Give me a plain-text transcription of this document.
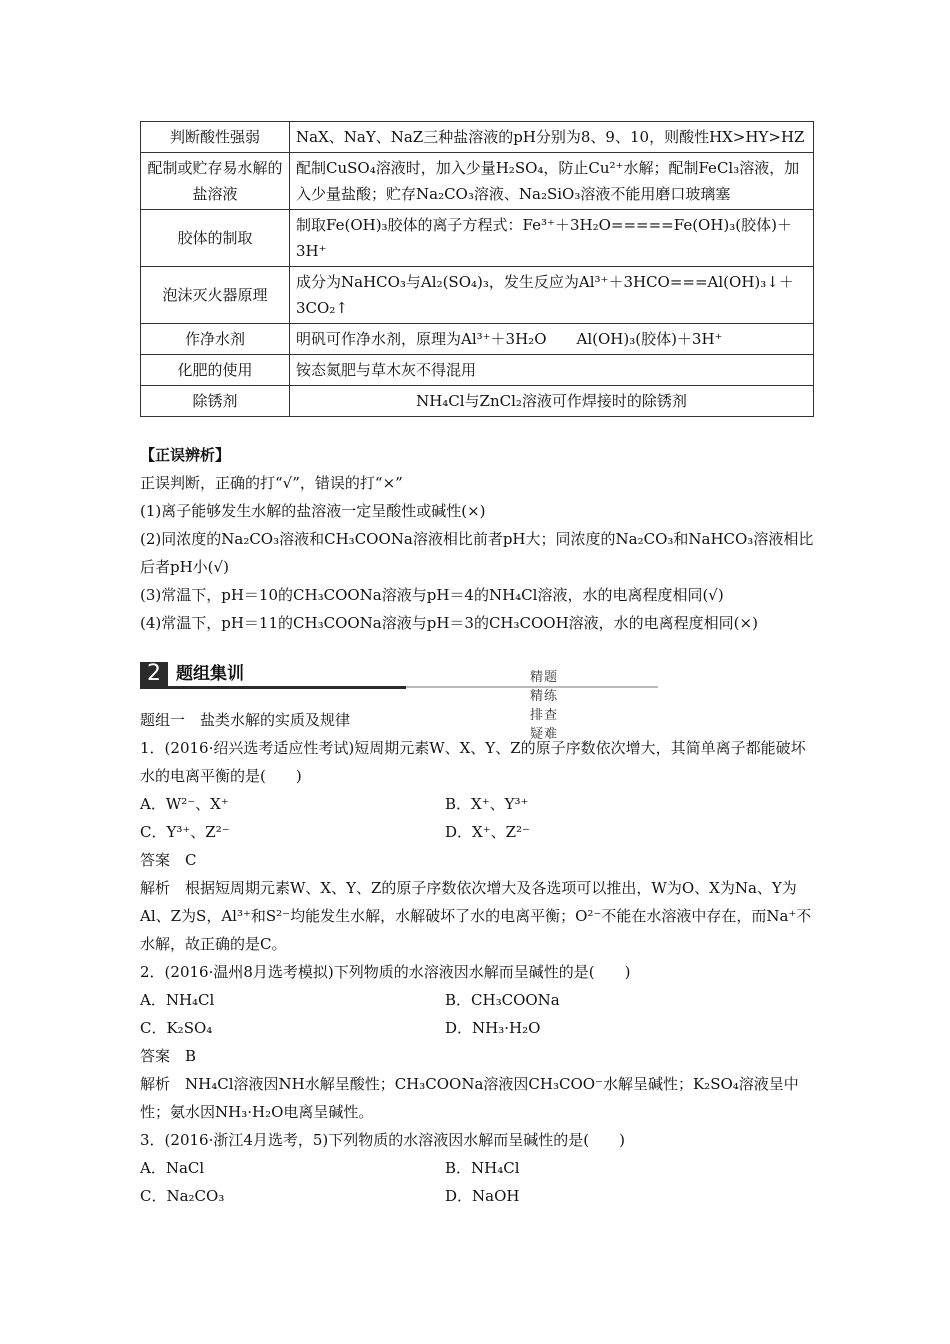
判断酸性强弱	NaX、NaY、NaZ三种盐溶液的pH分别为8、9、10，则酸性HX>HY>HZ
配制或贮存易水解的盐溶液	配制CuSO₄溶液时，加入少量H₂SO₄，防止Cu²⁺水解；配制FeCl₃溶液，加入少量盐酸；贮存Na₂CO₃溶液、Na₂SiO₃溶液不能用磨口玻璃塞
胶体的制取	制取Fe(OH)₃胶体的离子方程式：Fe³⁺＋3H₂O=====Fe(OH)₃(胶体)＋3H⁺
泡沫灭火器原理	成分为NaHCO₃与Al₂(SO₄)₃，发生反应为Al³⁺＋3HCO===Al(OH)₃↓＋3CO₂↑
作净水剂	明矾可作净水剂，原理为Al³⁺＋3H₂O　　Al(OH)₃(胶体)＋3H⁺
化肥的使用	铵态氮肥与草木灰不得混用
除锈剂	NH₄Cl与ZnCl₂溶液可作焊接时的除锈剂

【正误辨析】

正误判断，正确的打“√”，错误的打“×”

(1)离子能够发生水解的盐溶液一定呈酸性或碱性(×)

(2)同浓度的Na₂CO₃溶液和CH₃COONa溶液相比前者pH大；同浓度的Na₂CO₃和NaHCO₃溶液相比后者pH小(√)

(3)常温下，pH＝10的CH₃COONa溶液与pH＝4的NH₄Cl溶液，水的电离程度相同(√)

(4)常温下，pH＝11的CH₃COONa溶液与pH＝3的CH₃COOH溶液，水的电离程度相同(×)

2 题组集训	精题精练　排查疑难

题组一　盐类水解的实质及规律

1．(2016·绍兴选考适应性考试)短周期元素W、X、Y、Z的原子序数依次增大，其简单离子都能破坏水的电离平衡的是(　　)

A．W²⁻、X⁺	B．X⁺、Y³⁺
C．Y³⁺、Z²⁻	D．X⁺、Z²⁻

答案　C

解析　根据短周期元素W、X、Y、Z的原子序数依次增大及各选项可以推出，W为O、X为Na、Y为Al、Z为S，Al³⁺和S²⁻均能发生水解，水解破坏了水的电离平衡；O²⁻不能在水溶液中存在，而Na⁺不水解，故正确的是C。

2．(2016·温州8月选考模拟)下列物质的水溶液因水解而呈碱性的是(　　)

A．NH₄Cl	B．CH₃COONa
C．K₂SO₄	D．NH₃·H₂O

答案　B

解析　NH₄Cl溶液因NH水解呈酸性；CH₃COONa溶液因CH₃COO⁻水解呈碱性；K₂SO₄溶液呈中性；氨水因NH₃·H₂O电离呈碱性。

3．(2016·浙江4月选考，5)下列物质的水溶液因水解而呈碱性的是(　　)

A．NaCl	B．NH₄Cl
C．Na₂CO₃	D．NaOH
